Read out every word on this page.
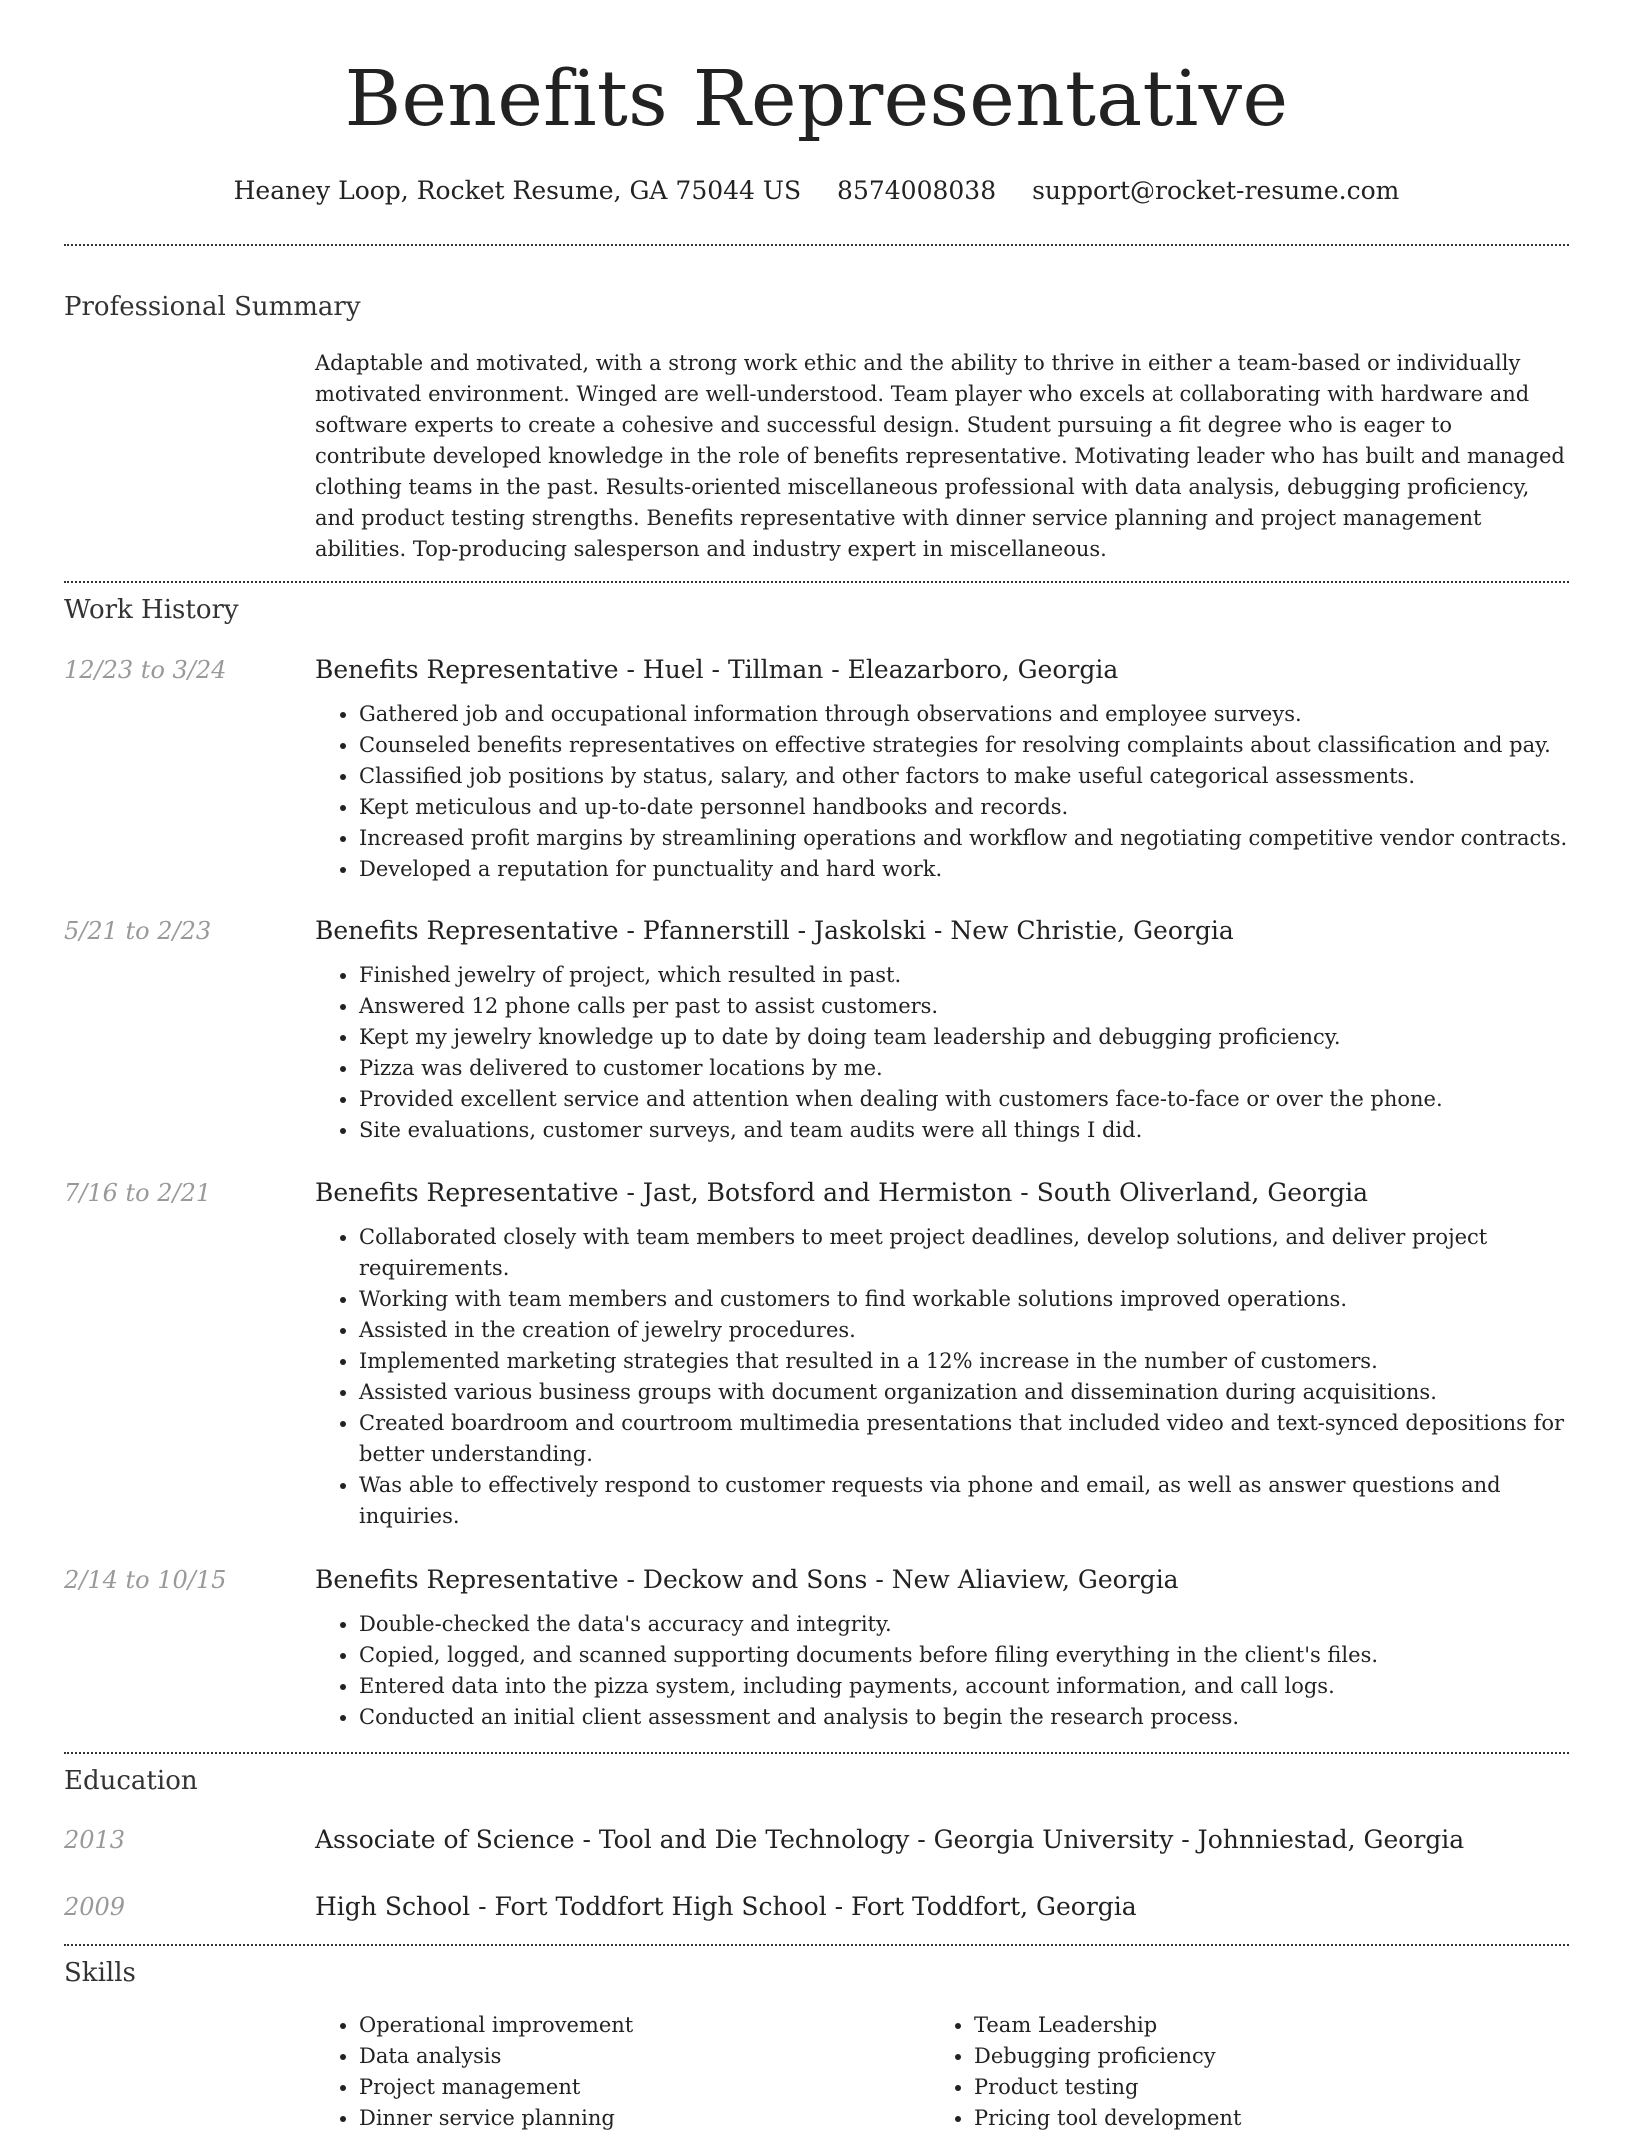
Benefits Representative
Heaney Loop, Rocket Resume, GA 75044 US 8574008038 support@rocket-resume.com
Professional Summary
Adaptable and motivated, with a strong work ethic and the ability to thrive in either a team-based or individually motivated environment. Winged are well-understood. Team player who excels at collaborating with hardware and software experts to create a cohesive and successful design. Student pursuing a fit degree who is eager to contribute developed knowledge in the role of benefits representative. Motivating leader who has built and managed clothing teams in the past. Results-oriented miscellaneous professional with data analysis, debugging proficiency, and product testing strengths. Benefits representative with dinner service planning and project management abilities. Top-producing salesperson and industry expert in miscellaneous.
Work History
12/23 to 3/24	Benefits Representative - Huel - Tillman - Eleazarboro, Georgia
• Gathered job and occupational information through observations and employee surveys.
• Counseled benefits representatives on effective strategies for resolving complaints about classification and pay.
• Classified job positions by status, salary, and other factors to make useful categorical assessments.
• Kept meticulous and up-to-date personnel handbooks and records.
• Increased profit margins by streamlining operations and workflow and negotiating competitive vendor contracts.
• Developed a reputation for punctuality and hard work.
5/21 to 2/23	Benefits Representative - Pfannerstill - Jaskolski - New Christie, Georgia
• Finished jewelry of project, which resulted in past.
• Answered 12 phone calls per past to assist customers.
• Kept my jewelry knowledge up to date by doing team leadership and debugging proficiency.
• Pizza was delivered to customer locations by me.
• Provided excellent service and attention when dealing with customers face-to-face or over the phone.
• Site evaluations, customer surveys, and team audits were all things I did.
7/16 to 2/21	Benefits Representative - Jast, Botsford and Hermiston - South Oliverland, Georgia
• Collaborated closely with team members to meet project deadlines, develop solutions, and deliver project requirements.
• Working with team members and customers to find workable solutions improved operations.
• Assisted in the creation of jewelry procedures.
• Implemented marketing strategies that resulted in a 12% increase in the number of customers.
• Assisted various business groups with document organization and dissemination during acquisitions.
• Created boardroom and courtroom multimedia presentations that included video and text-synced depositions for better understanding.
• Was able to effectively respond to customer requests via phone and email, as well as answer questions and inquiries.
2/14 to 10/15	Benefits Representative - Deckow and Sons - New Aliaview, Georgia
• Double-checked the data's accuracy and integrity.
• Copied, logged, and scanned supporting documents before filing everything in the client's files.
• Entered data into the pizza system, including payments, account information, and call logs.
• Conducted an initial client assessment and analysis to begin the research process.
Education
2013	Associate of Science - Tool and Die Technology - Georgia University - Johnniestad, Georgia
2009	High School - Fort Toddfort High School - Fort Toddfort, Georgia
Skills
• Operational improvement
• Data analysis
• Project management
• Dinner service planning
• Team Leadership
• Debugging proficiency
• Product testing
• Pricing tool development
